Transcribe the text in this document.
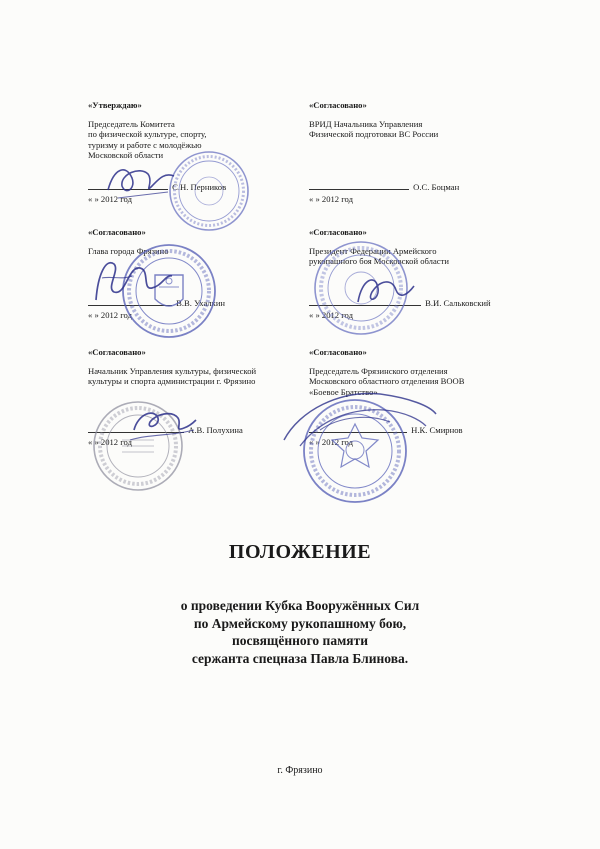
«Утверждаю»
Председатель Комитета
по физической культуре, спорту,
туризму и работе с молодёжью
Московской области
С.Н. Перников
« » 2012 год
«Согласовано»
ВРИД Начальника Управления
Физической подготовки ВС России
О.С. Боцман
« » 2012 год
«Согласовано»
Глава города Фрязино
В.В. Ухалкин
« » 2012 год
«Согласовано»
Президент Федерации Армейского
рукопашного боя Московской области
В.И. Сальковский
« » 2012 год
«Согласовано»
Начальник Управления культуры, физической
культуры и спорта администрации г. Фрязино
А.В. Полухина
« » 2012 год
«Согласовано»
Председатель Фрязинского отделения
Московского областного отделения ВООВ
«Боевое Братство»
Н.К. Смирнов
« » 2012 год
ПОЛОЖЕНИЕ
о проведении Кубка Вооружённых Сил
по Армейскому рукопашному бою,
посвящённого памяти
сержанта спецназа Павла Блинова.
г. Фрязино
